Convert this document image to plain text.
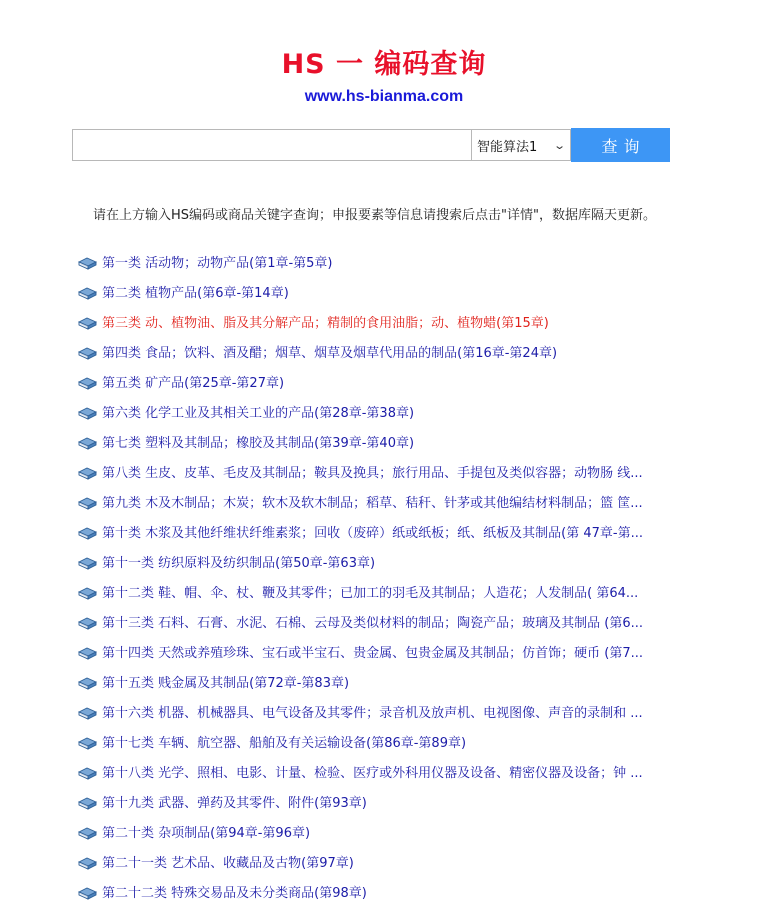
HS 一 编码查询
www.hs-bianma.com
智能算法1 ⌄	查询
请在上方输入HS编码或商品关键字查询；申报要素等信息请搜索后点击"详情"，数据库隔天更新。
第一类 活动物；动物产品(第1章-第5章)
第二类 植物产品(第6章-第14章)
第三类 动、植物油、脂及其分解产品；精制的食用油脂；动、植物蜡(第15章)
第四类 食品；饮料、酒及醋；烟草、烟草及烟草代用品的制品(第16章-第24章)
第五类 矿产品(第25章-第27章)
第六类 化学工业及其相关工业的产品(第28章-第38章)
第七类 塑料及其制品；橡胶及其制品(第39章-第40章)
第八类 生皮、皮革、毛皮及其制品；鞍具及挽具；旅行用品、手提包及类似容器；动物肠 线...
第九类 木及木制品；木炭；软木及软木制品；稻草、秸秆、针茅或其他编结材料制品；篮 筐...
第十类 木浆及其他纤维状纤维素浆；回收（废碎）纸或纸板；纸、纸板及其制品(第 47章-第...
第十一类 纺织原料及纺织制品(第50章-第63章)
第十二类 鞋、帽、伞、杖、鞭及其零件；已加工的羽毛及其制品；人造花；人发制品( 第64...
第十三类 石料、石膏、水泥、石棉、云母及类似材料的制品；陶瓷产品；玻璃及其制品 (第6...
第十四类 天然或养殖珍珠、宝石或半宝石、贵金属、包贵金属及其制品；仿首饰；硬币 (第7...
第十五类 贱金属及其制品(第72章-第83章)
第十六类 机器、机械器具、电气设备及其零件；录音机及放声机、电视图像、声音的录制和 ...
第十七类 车辆、航空器、船舶及有关运输设备(第86章-第89章)
第十八类 光学、照相、电影、计量、检验、医疗或外科用仪器及设备、精密仪器及设备；钟 ...
第十九类 武器、弹药及其零件、附件(第93章)
第二十类 杂项制品(第94章-第96章)
第二十一类 艺术品、收藏品及古物(第97章)
第二十二类 特殊交易品及未分类商品(第98章)
